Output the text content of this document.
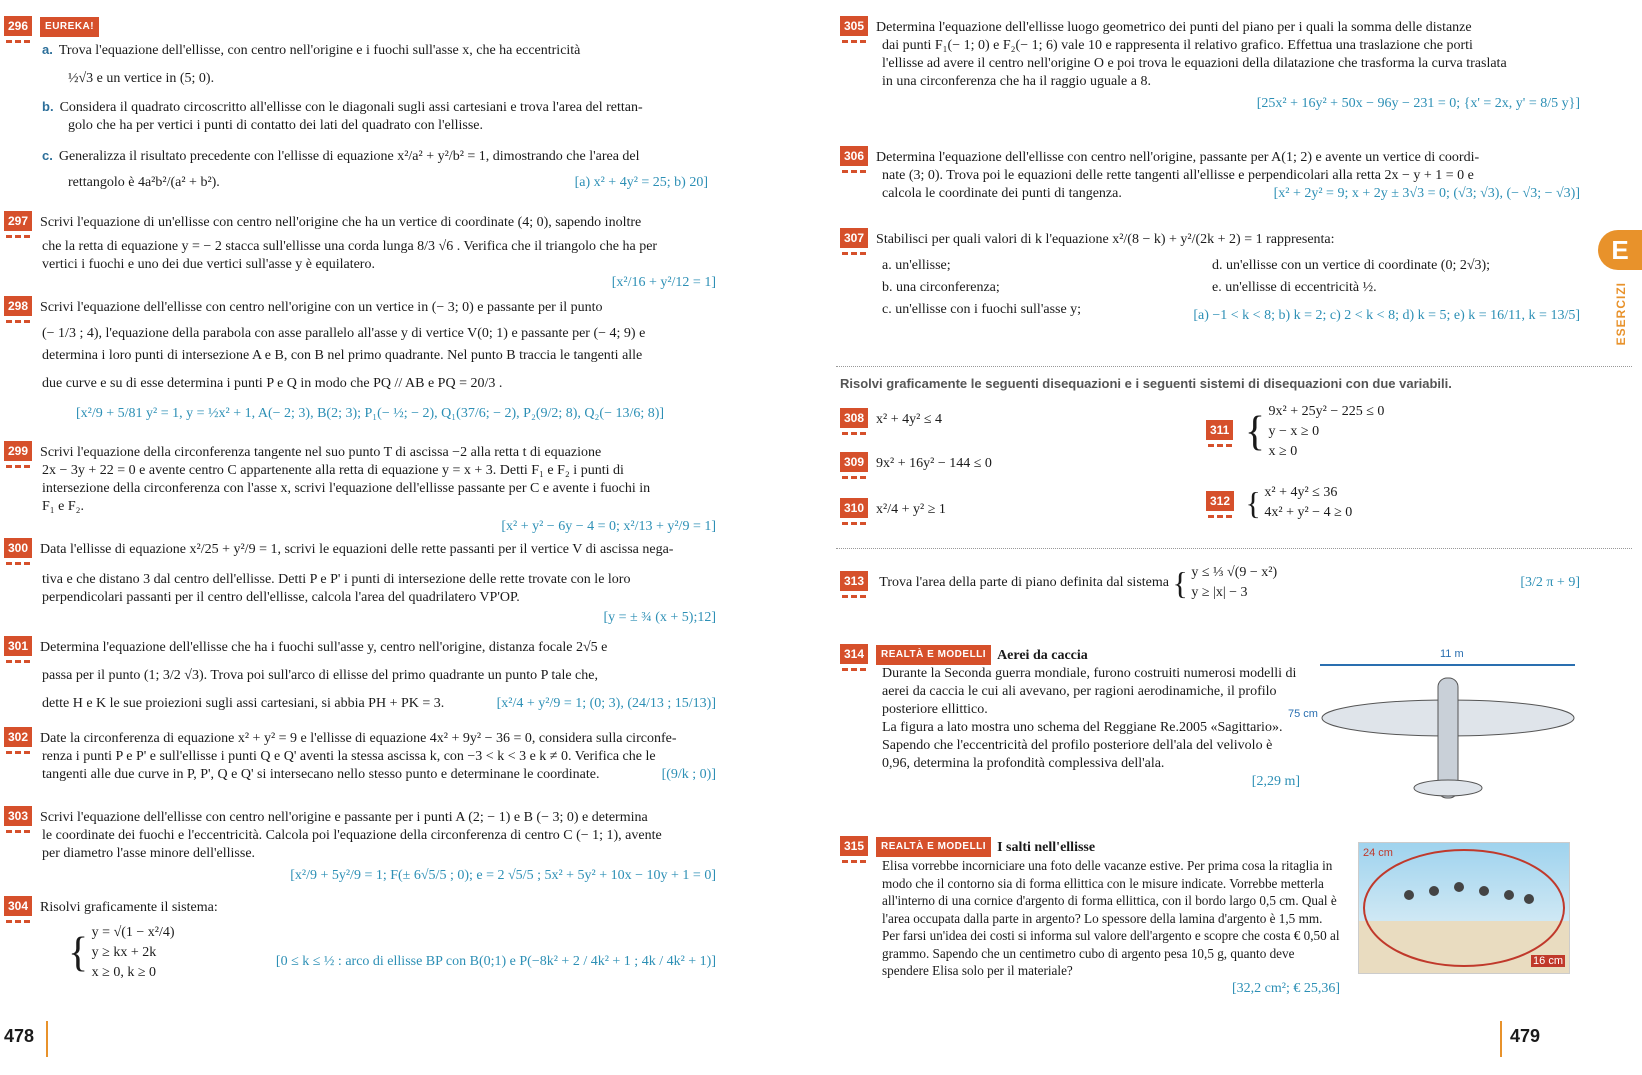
296 EUREKA!
a. Trova l'equazione dell'ellisse, con centro nell'origine e i fuochi sull'asse x, che ha eccentricità
½√3 e un vertice in (5; 0).
b. Considera il quadrato circoscritto all'ellisse con le diagonali sugli assi cartesiani e trova l'area del rettan-
golo che ha per vertici i punti di contatto dei lati del quadrato con l'ellisse.
c. Generalizza il risultato precedente con l'ellisse di equazione x²/a² + y²/b² = 1, dimostrando che l'area del
rettangolo è 4a²b²/(a² + b²).	[a) x² + 4y² = 25; b) 20]
297 Scrivi l'equazione di un'ellisse con centro nell'origine che ha un vertice di coordinate (4; 0), sapendo inoltre
che la retta di equazione y = − 2 stacca sull'ellisse una corda lunga 8/3 √6 . Verifica che il triangolo che ha per
vertici i fuochi e uno dei due vertici sull'asse y è equilatero.
[x²/16 + y²/12 = 1]
298 Scrivi l'equazione dell'ellisse con centro nell'origine con un vertice in (− 3; 0) e passante per il punto
(− 1/3 ; 4), l'equazione della parabola con asse parallelo all'asse y di vertice V(0; 1) e passante per (− 4; 9) e
determina i loro punti di intersezione A e B, con B nel primo quadrante. Nel punto B traccia le tangenti alle
due curve e su di esse determina i punti P e Q in modo che PQ // AB e PQ = 20/3 .
[x²/9 + 5/81 y² = 1, y = ½x² + 1, A(− 2; 3), B(2; 3); P₁(− ½; − 2), Q₁(37/6; − 2), P₂(9/2; 8), Q₂(− 13/6; 8)]
299 Scrivi l'equazione della circonferenza tangente nel suo punto T di ascissa −2 alla retta t di equazione
2x − 3y + 22 = 0 e avente centro C appartenente alla retta di equazione y = x + 3. Detti F₁ e F₂ i punti di
intersezione della circonferenza con l'asse x, scrivi l'equazione dell'ellisse passante per C e avente i fuochi in
F₁ e F₂.
[x² + y² − 6y − 4 = 0; x²/13 + y²/9 = 1]
300 Data l'ellisse di equazione x²/25 + y²/9 = 1, scrivi le equazioni delle rette passanti per il vertice V di ascissa nega-
tiva e che distano 3 dal centro dell'ellisse. Detti P e P' i punti di intersezione delle rette trovate con le loro
perpendicolari passanti per il centro dell'ellisse, calcola l'area del quadrilatero VP'OP.
[y = ± ¾ (x + 5);12]
301 Determina l'equazione dell'ellisse che ha i fuochi sull'asse y, centro nell'origine, distanza focale 2√5 e
passa per il punto (1; 3/2 √3). Trova poi sull'arco di ellisse del primo quadrante un punto P tale che,
dette H e K le sue proiezioni sugli assi cartesiani, si abbia PH + PK = 3.	[x²/4 + y²/9 = 1; (0; 3), (24/13 ; 15/13)]
302 Date la circonferenza di equazione x² + y² = 9 e l'ellisse di equazione 4x² + 9y² − 36 = 0, considera sulla circonfe-
renza i punti P e P' e sull'ellisse i punti Q e Q' aventi la stessa ascissa k, con −3 < k < 3 e k ≠ 0. Verifica che le
tangenti alle due curve in P, P', Q e Q' si intersecano nello stesso punto e determinane le coordinate.	[(9/k ; 0)]
303 Scrivi l'equazione dell'ellisse con centro nell'origine e passante per i punti A (2; − 1) e B (− 3; 0) e determina
le coordinate dei fuochi e l'eccentricità. Calcola poi l'equazione della circonferenza di centro C (− 1; 1), avente
per diametro l'asse minore dell'ellisse.
[x²/9 + 5y²/9 = 1; F(± 6√5/5 ; 0); e = 2 √5/5 ; 5x² + 5y² + 10x − 10y + 1 = 0]
304 Risolvi graficamente il sistema:
{ y = √(1 − x²/4)
y ≥ kx + 2k
x ≥ 0, k ≥ 0
[0 ≤ k ≤ ½ : arco di ellisse BP con B(0;1) e P(−8k² + 2 / 4k² + 1 ; 4k / 4k² + 1)]
478
305 Determina l'equazione dell'ellisse luogo geometrico dei punti del piano per i quali la somma delle distanze
dai punti F₁(− 1; 0) e F₂(− 1; 6) vale 10 e rappresenta il relativo grafico. Effettua una traslazione che porti
l'ellisse ad avere il centro nell'origine O e poi trova le equazioni della dilatazione che trasforma la curva traslata
in una circonferenza che ha il raggio uguale a 8.
[25x² + 16y² + 50x − 96y − 231 = 0; {x' = 2x, y' = 8/5 y}]
306 Determina l'equazione dell'ellisse con centro nell'origine, passante per A(1; 2) e avente un vertice di coordi-
nate (3; 0). Trova poi le equazioni delle rette tangenti all'ellisse e perpendicolari alla retta 2x − y + 1 = 0 e
calcola le coordinate dei punti di tangenza.	[x² + 2y² = 9; x + 2y ± 3√3 = 0; (√3; √3), (− √3; − √3)]
307 Stabilisci per quali valori di k l'equazione x²/(8 − k) + y²/(2k + 2) = 1 rappresenta:
a. un'ellisse;
b. una circonferenza;
c. un'ellisse con i fuochi sull'asse y;
d. un'ellisse con un vertice di coordinate (0; 2√3);
e. un'ellisse di eccentricità ½.
[a) −1 < k < 8; b) k = 2; c) 2 < k < 8; d) k = 5; e) k = 16/11, k = 13/5]
Risolvi graficamente le seguenti disequazioni e i seguenti sistemi di disequazioni con due variabili.
308 x² + 4y² ≤ 4
309 9x² + 16y² − 144 ≤ 0
310 x²/4 + y² ≥ 1
311 { 9x² + 25y² − 225 ≤ 0
y − x ≥ 0
x ≥ 0
312 { x² + 4y² ≤ 36
4x² + y² − 4 ≥ 0
313 Trova l'area della parte di piano definita dal sistema { y ≤ ⅓ √(9 − x²)
y ≥ |x| − 3
[3/2 π + 9]
314 REALTÀ E MODELLI Aerei da caccia
Durante la Seconda guerra mondiale, furono costruiti numerosi modelli di aerei da caccia le cui ali avevano, per ragioni aerodinamiche, il profilo posteriore ellittico.
La figura a lato mostra uno schema del Reggiane Re.2005 «Sagittario». Sapendo che l'eccentricità del profilo posteriore dell'ala del velivolo è 0,96, determina la profondità complessiva dell'ala.
[2,29 m]
11 m
75 cm
315 REALTÀ E MODELLI I salti nell'ellisse
Elisa vorrebbe incorniciare una foto delle vacanze estive. Per prima cosa la ritaglia in modo che il contorno sia di forma ellittica con le misure indicate. Vorrebbe metterla all'interno di una cornice d'argento di forma ellittica, con il bordo largo 0,5 cm. Qual è l'area occupata dalla parte in argento? Lo spessore della lamina d'argento è 1,5 mm. Per farsi un'idea dei costi si informa sul valore dell'argento e scopre che costa € 0,50 al grammo. Sapendo che un centimetro cubo di argento pesa 10,5 g, quanto deve spendere Elisa solo per il materiale?
[32,2 cm²; € 25,36]
24 cm
16 cm
E
ESERCIZI
479
